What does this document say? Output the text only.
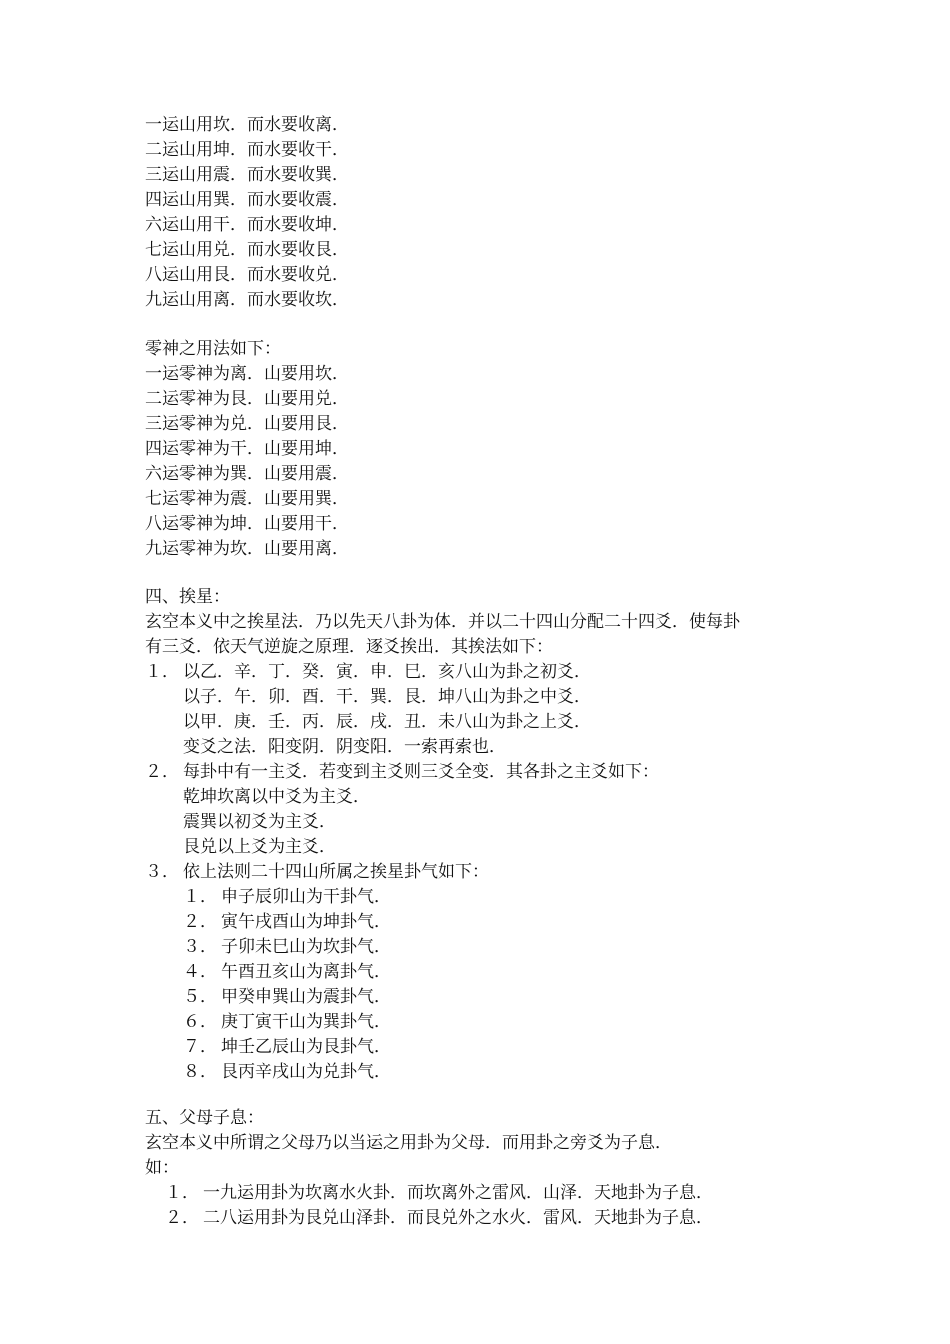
一运山用坎．而水要收离．
二运山用坤．而水要收干．
三运山用震．而水要收巽．
四运山用巽．而水要收震．
六运山用干．而水要收坤．
七运山用兑．而水要收艮．
八运山用艮．而水要收兑．
九运山用离．而水要收坎．
零神之用法如下：
一运零神为离．山要用坎．
二运零神为艮．山要用兑．
三运零神为兑．山要用艮．
四运零神为干．山要用坤．
六运零神为巽．山要用震．
七运零神为震．山要用巽．
八运零神为坤．山要用干．
九运零神为坎．山要用离．
四、挨星：
玄空本义中之挨星法．乃以先天八卦为体．并以二十四山分配二十四爻．使每卦
有三爻．依天气逆旋之原理．逐爻挨出．其挨法如下：
１． 以乙．辛．丁．癸．寅．申．巳．亥八山为卦之初爻．
以子．午．卯．酉．干．巽．艮．坤八山为卦之中爻．
以甲．庚．壬．丙．辰．戌．丑．未八山为卦之上爻．
变爻之法．阳变阴．阴变阳．一索再索也．
２． 每卦中有一主爻．若变到主爻则三爻全变．其各卦之主爻如下：
乾坤坎离以中爻为主爻．
震巽以初爻为主爻．
艮兑以上爻为主爻．
３． 依上法则二十四山所属之挨星卦气如下：
１． 申子辰卯山为干卦气．
２． 寅午戌酉山为坤卦气．
３． 子卯未巳山为坎卦气．
４． 午酉丑亥山为离卦气．
５． 甲癸申巽山为震卦气．
６． 庚丁寅干山为巽卦气．
７． 坤壬乙辰山为艮卦气．
８． 艮丙辛戌山为兑卦气．
五、父母子息：
玄空本义中所谓之父母乃以当运之用卦为父母．而用卦之旁爻为子息．
如：
１． 一九运用卦为坎离水火卦．而坎离外之雷风．山泽．天地卦为子息．
２． 二八运用卦为艮兑山泽卦．而艮兑外之水火．雷风．天地卦为子息．
